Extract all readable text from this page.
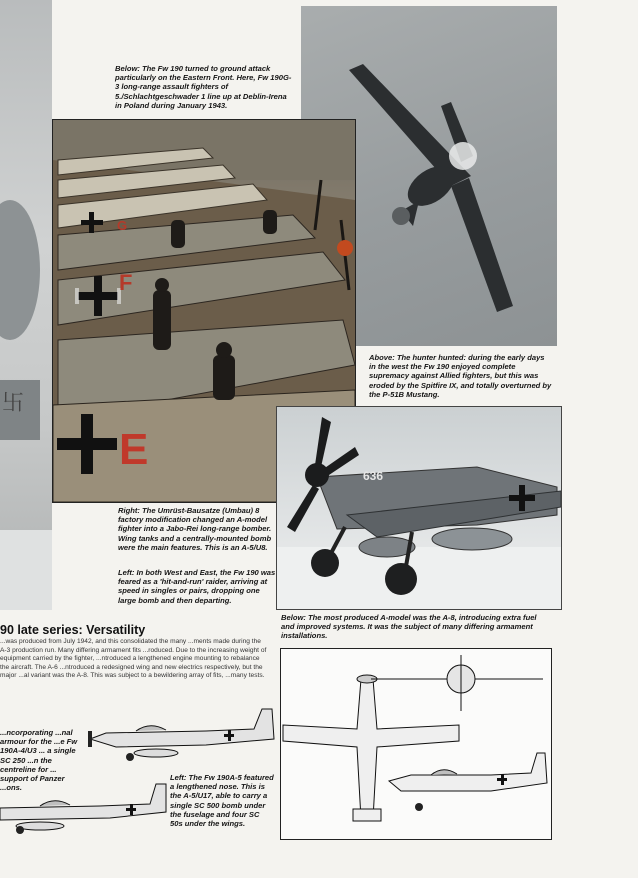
卐
Below: The Fw 190 turned to ground attack particularly on the Eastern Front. Here, Fw 190G-3 long-range assault fighters of 5./Schlachtgeschwader 1 line up at Deblin-Irena in Poland during January 1943.
E
F
G
Above: The hunter hunted: during the early days in the west the Fw 190 enjoyed complete supremacy against Allied fighters, but this was eroded by the Spitfire IX, and totally overturned by the P-51B Mustang.
636
Right: The Umrüst-Bausatze (Umbau) 8 factory modification changed an A-model fighter into a Jabo-Rei long-range bomber. Wing tanks and a centrally-mounted bomb were the main features. This is an A-5/U8.
Left: In both West and East, the Fw 190 was feared as a 'hit-and-run' raider, arriving at speed in singles or pairs, dropping one large bomb and then departing.
Below: The most produced A-model was the A-8, introducing extra fuel and improved systems. It was the subject of many differing armament installations.
90 late series: Versatility
...was produced from July 1942, and this consolidated the many ...ments made during the A-3 production run. Many differing armament fits ...roduced. Due to the increasing weight of equipment carried by the fighter, ...ntroduced a lengthened engine mounting to rebalance the aircraft. The A-6 ...ntroduced a redesigned wing and new electrics respectively, but the major ...al variant was the A-8. This was subject to a bewildering array of fits, ...many tests.
...ncorporating ...nal armour for the ...e Fw 190A-4/U3 ... a single SC 250 ...n the centreline for ... support of Panzer ...ons.
Left: The Fw 190A-5 featured a lengthened nose. This is the A-5/U17, able to carry a single SC 500 bomb under the fuselage and four SC 50s under the wings.
